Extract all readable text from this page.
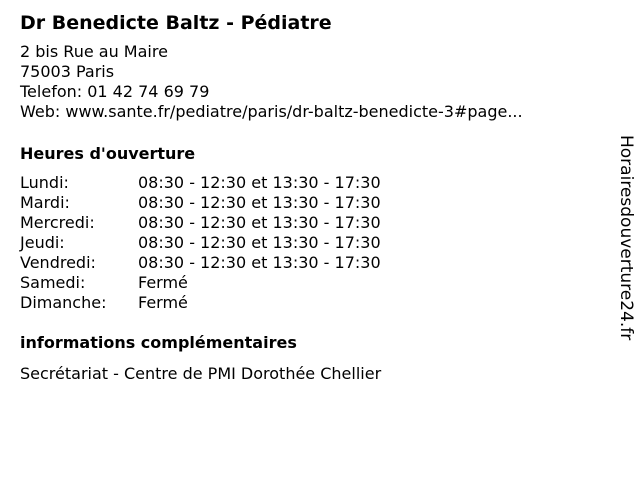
Dr Benedicte Baltz - Pédiatre
2 bis Rue au Maire
75003 Paris
Telefon: 01 42 74 69 79
Web: www.sante.fr/pediatre/paris/dr-baltz-benedicte-3#page...
Heures d'ouverture
Lundi:	08:30 - 12:30 et 13:30 - 17:30
Mardi:	08:30 - 12:30 et 13:30 - 17:30
Mercredi:	08:30 - 12:30 et 13:30 - 17:30
Jeudi:	08:30 - 12:30 et 13:30 - 17:30
Vendredi:	08:30 - 12:30 et 13:30 - 17:30
Samedi:	Fermé
Dimanche:	Fermé
informations complémentaires
Secrétariat - Centre de PMI Dorothée Chellier
Horairesdouverture24.fr
